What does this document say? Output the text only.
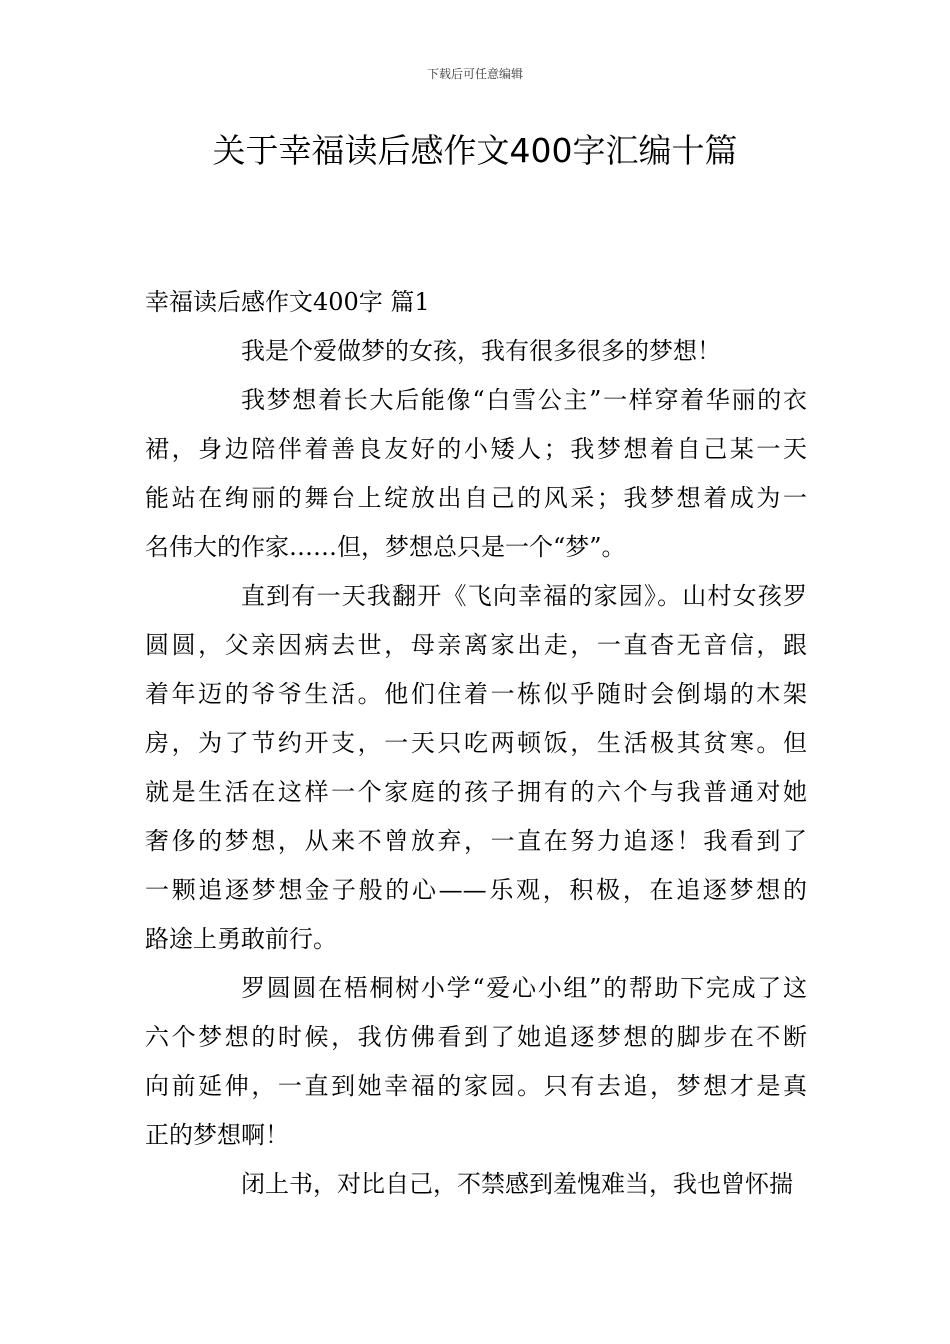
下载后可任意编辑
关于幸福读后感作文400字汇编十篇
幸福读后感作文400字 篇1
我是个爱做梦的女孩，我有很多很多的梦想！
我梦想着长大后能像“白雪公主”一样穿着华丽的衣
裙，身边陪伴着善良友好的小矮人；我梦想着自己某一天
能站在绚丽的舞台上绽放出自己的风采；我梦想着成为一
名伟大的作家……但，梦想总只是一个“梦”。
直到有一天我翻开《飞向幸福的家园》。山村女孩罗
圆圆，父亲因病去世，母亲离家出走，一直杳无音信，跟
着年迈的爷爷生活。他们住着一栋似乎随时会倒塌的木架
房，为了节约开支，一天只吃两顿饭，生活极其贫寒。但
就是生活在这样一个家庭的孩子拥有的六个与我普通对她
奢侈的梦想，从来不曾放弃，一直在努力追逐！我看到了
一颗追逐梦想金子般的心——乐观，积极，在追逐梦想的
路途上勇敢前行。
罗圆圆在梧桐树小学“爱心小组”的帮助下完成了这
六个梦想的时候，我仿佛看到了她追逐梦想的脚步在不断
向前延伸，一直到她幸福的家园。只有去追，梦想才是真
正的梦想啊！
闭上书，对比自己，不禁感到羞愧难当，我也曾怀揣
